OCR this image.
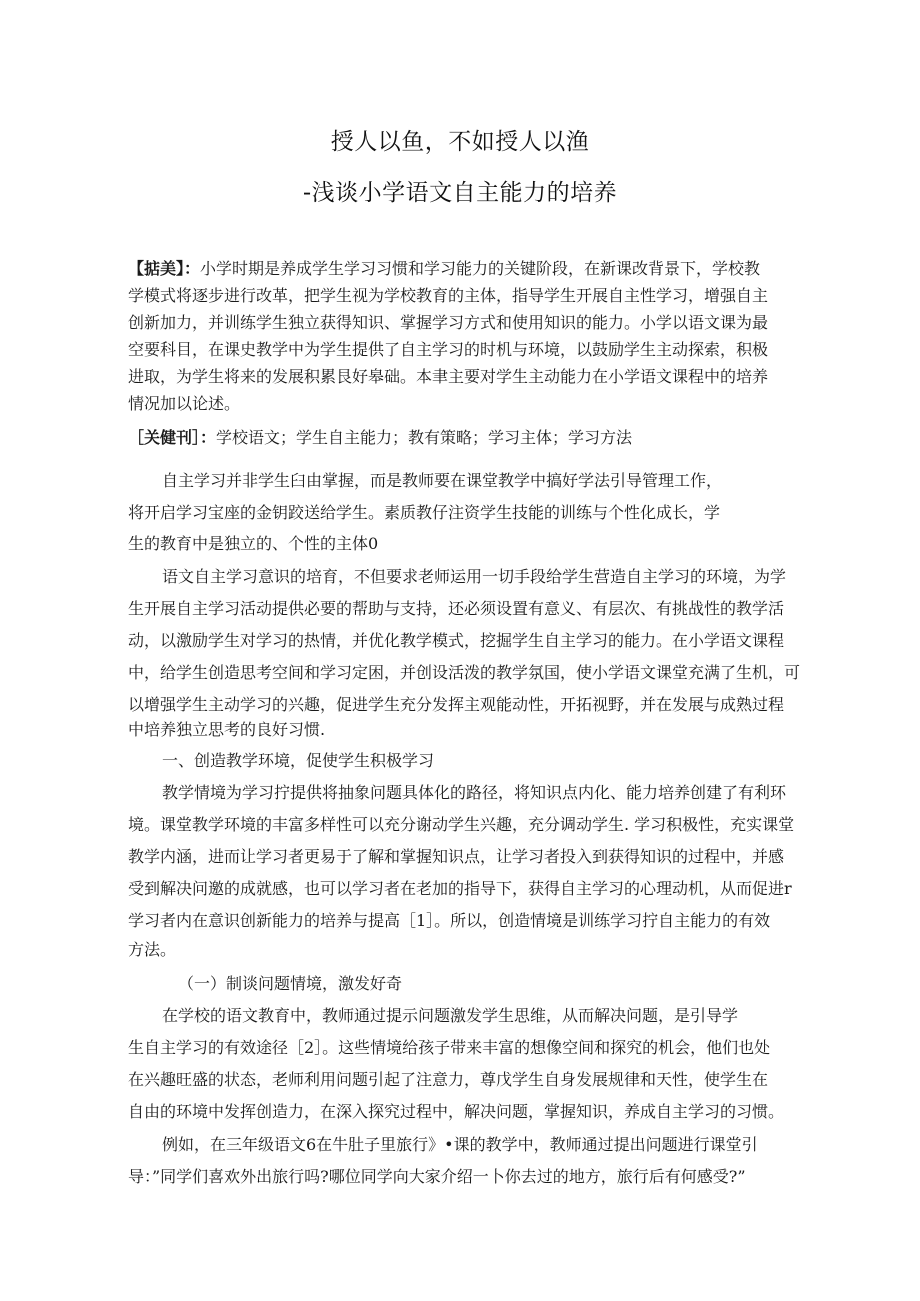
授人以鱼，不如授人以渔
-浅谈小学语文自主能力的培养
【掂美】：小学时期是养成学生学习习惯和学习能力的关键阶段，在新课改背景下，学校教
学模式将逐步进行改革，把学生视为学校教育的主体，指导学生开展自主性学习，增强自主
创新加力，并训练学生独立获得知识、掌握学习方式和使用知识的能力。小学以语文课为最
空要科目，在课史教学中为学生提供了自主学习的时机与环境，以鼓励学生主动探索，积极
进取，为学生将来的发展积累艮好皋础。本聿主要对学生主动能力在小学语文课程中的培养
情况加以论述。
［关健刊］：学校语文；学生自主能力；教有策略；学习主体；学习方法
自主学习并非学生臼由掌握，而是教师要在课堂教学中搞好学法引导管理工作，
将开启学习宝座的金钥跤送给学生。素质教仔注资学生技能的训练与个性化成长，学
生的教育中是独立的、个性的主体0
语文自主学习意识的培育，不但要求老师运用一切手段给学生营造自主学习的环境，为学
生开展自主学习活动提供必要的帮助与支持，还必须设置有意义、有层次、有挑战性的教学活
动，以激励学生对学习的热情，并优化教学模式，挖掘学生自主学习的能力。在小学语文课程
中，给学生创造思考空间和学习定困，并创设活泼的教学氛国，使小学语文课堂充满了生机，可
以增强学生主动学习的兴趣，促进学生充分发挥主观能动性，开拓视野，并在发展与成熟过程
中培养独立思考的良好习惯.
一、创造教学环境，促使学生积极学习
教学情境为学习拧提供将抽象问题具体化的路径，将知识点内化、能力培养创建了有利环
境。课堂教学环境的丰富多样性可以充分谢动学生兴趣，充分调动学生. 学习积极性，充实课堂
教学内涵，进而让学习者更易于了解和掌握知识点，让学习者投入到获得知识的过程中，并感
受到解决问邀的成就感，也可以学习者在老加的指导下，获得自主学习的心理动机，从而促进r
学习者内在意识创新能力的培养与提高［1］。所以，创造情境是训练学习拧自主能力的有效
方法。
（一）制谈问题情境，激发好奇
在学校的语文教育中，教师通过提示问题激发学生思维，从而解决问题，是引导学
生自主学习的有效途径［2］。这些情境给孩子带来丰富的想像空间和探究的机会，他们也处
在兴趣旺盛的状态，老师利用问题引起了注意力，尊戊学生自身发展规律和天性，使学生在
自由的环境中发挥创造力，在深入探究过程中，解决问题，掌握知识，养成自主学习的习惯。
例如，在三年级语文6在牛肚子里旅行》•课的教学中，教师通过提出问题进行课堂引
导：”同学们喜欢外出旅行吗?哪位同学向大家介绍一卜你去过的地方，旅行后有何感受?”
